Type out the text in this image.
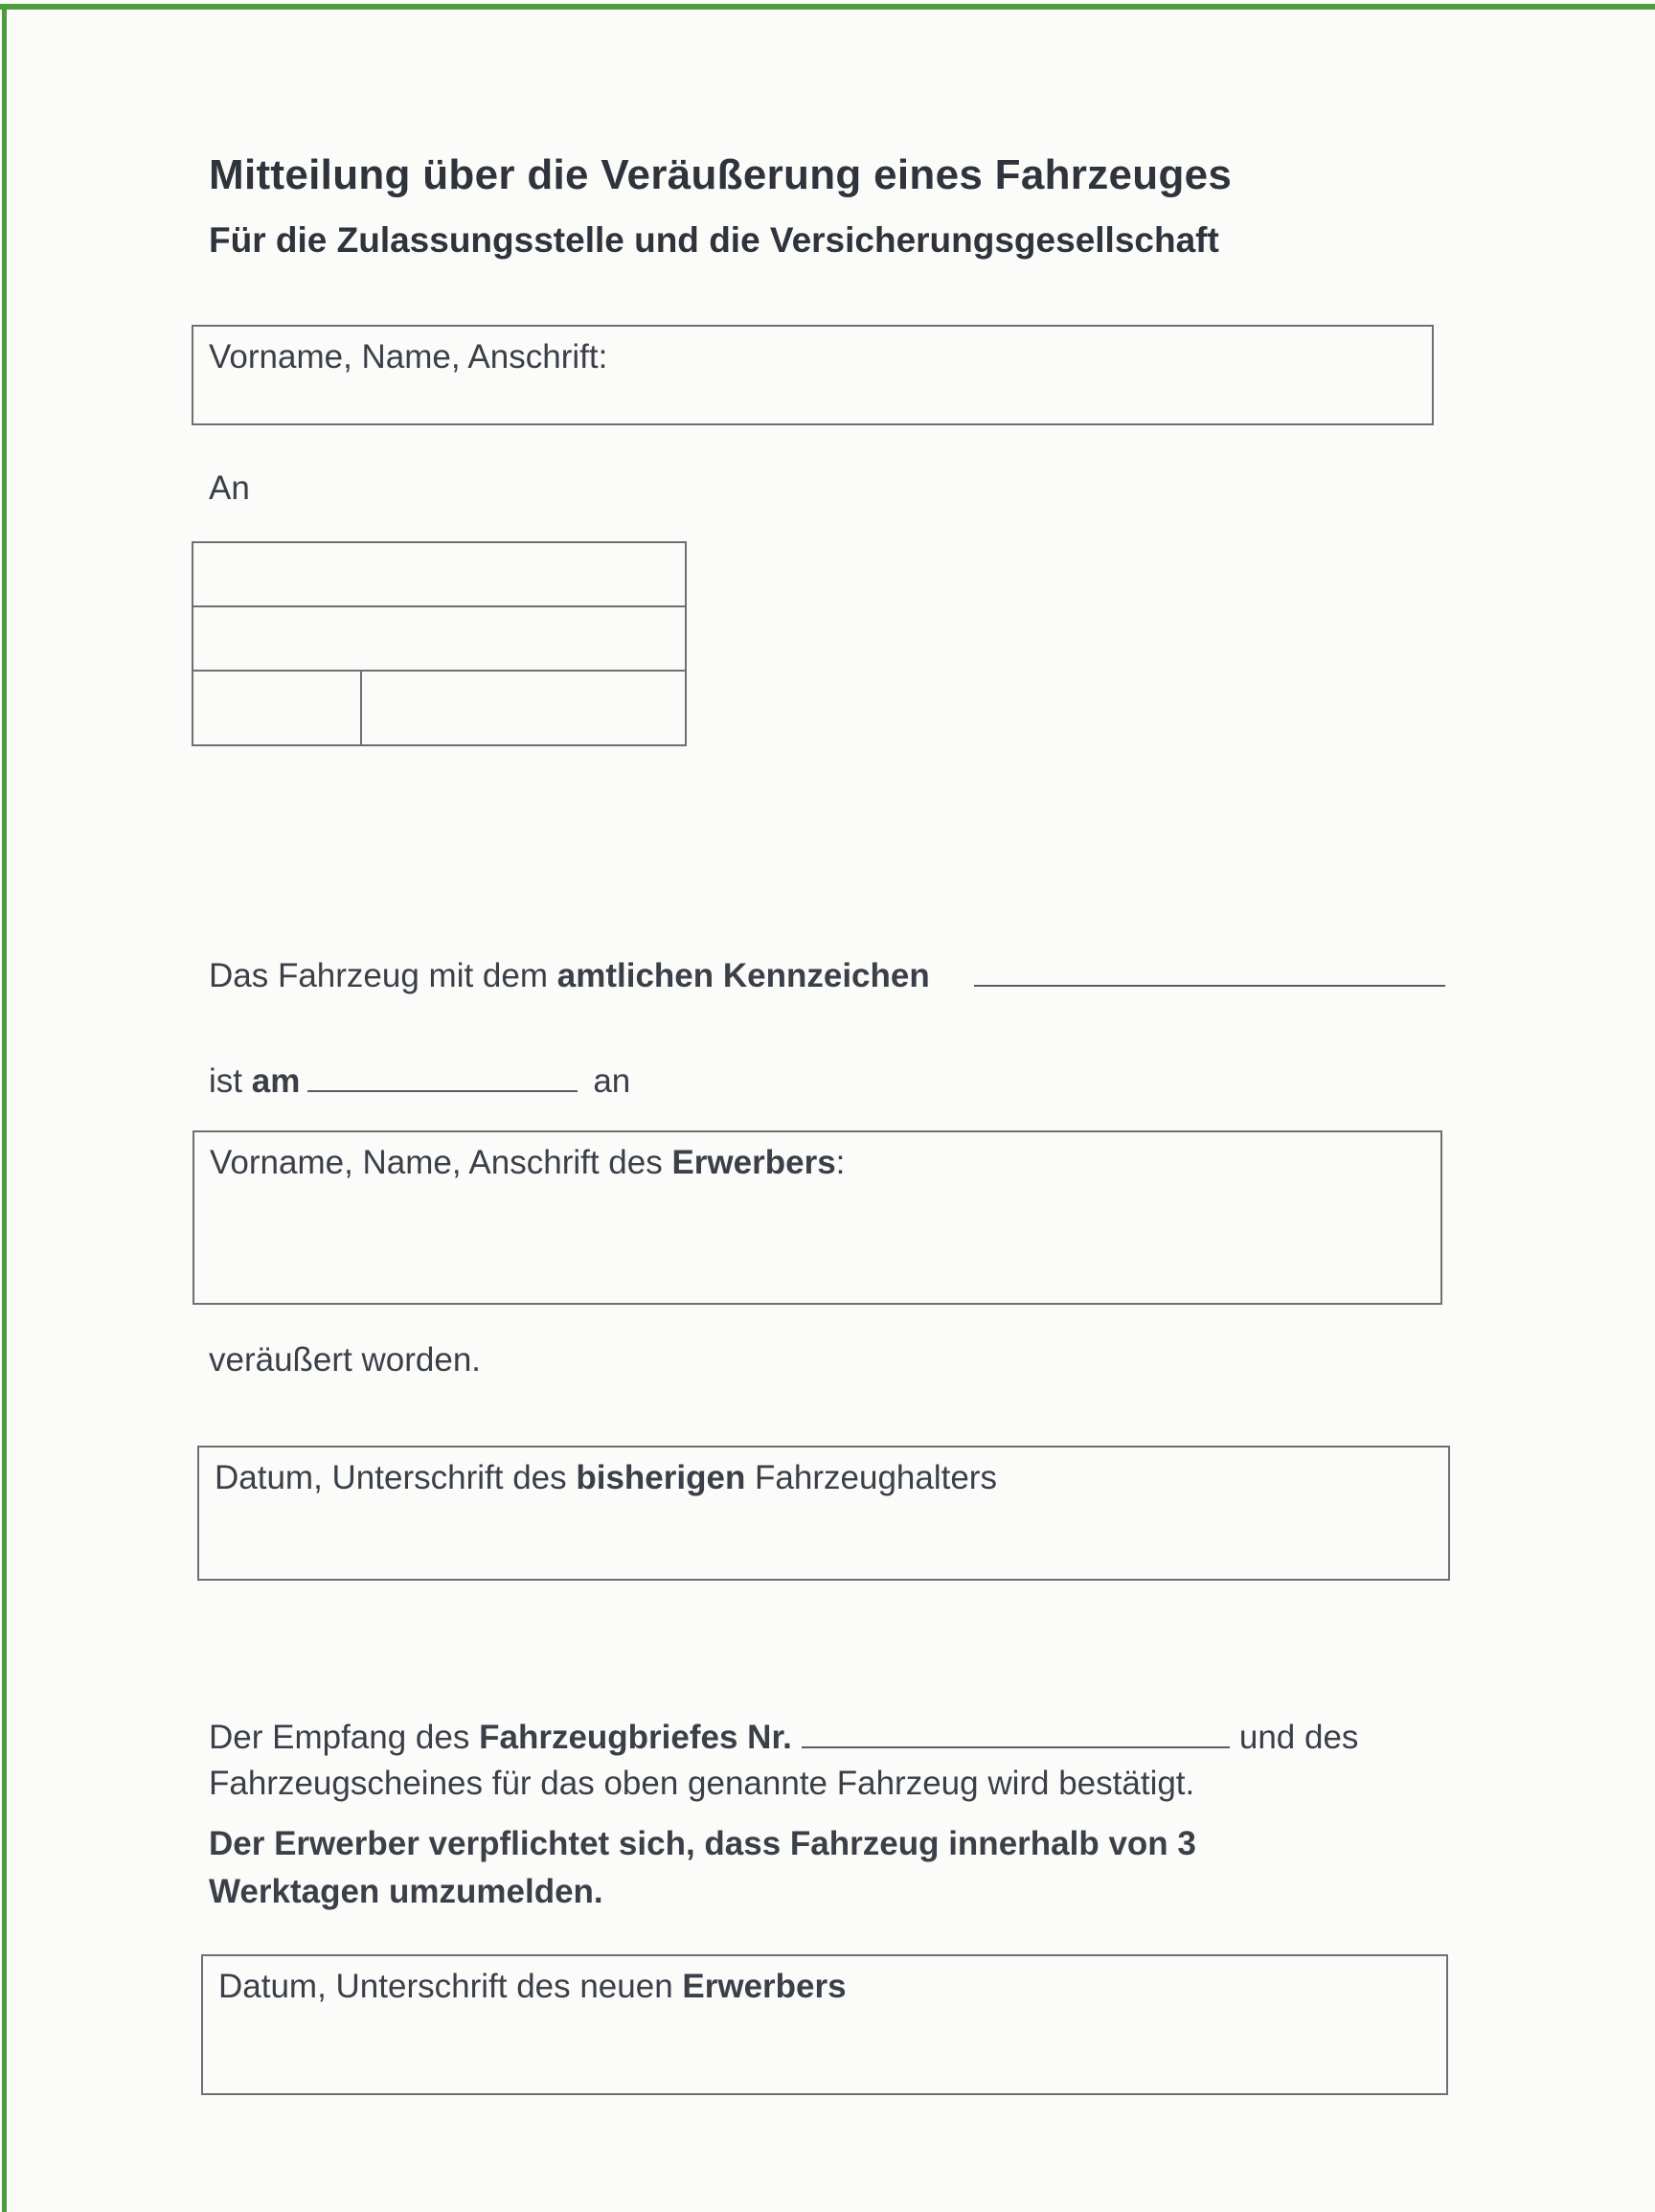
Mitteilung über die Veräußerung eines Fahrzeuges
Für die Zulassungsstelle und die Versicherungsgesellschaft
Vorname, Name, Anschrift:
An
Das Fahrzeug mit dem amtlichen Kennzeichen
ist am	an
Vorname, Name, Anschrift des Erwerbers:
veräußert worden.
Datum, Unterschrift des bisherigen Fahrzeughalters
Der Empfang des Fahrzeugbriefes Nr.	und des
Fahrzeugscheines für das oben genannte Fahrzeug wird bestätigt.
Der Erwerber verpflichtet sich, dass Fahrzeug innerhalb von 3 Werktagen umzumelden.
Datum, Unterschrift des neuen Erwerbers
